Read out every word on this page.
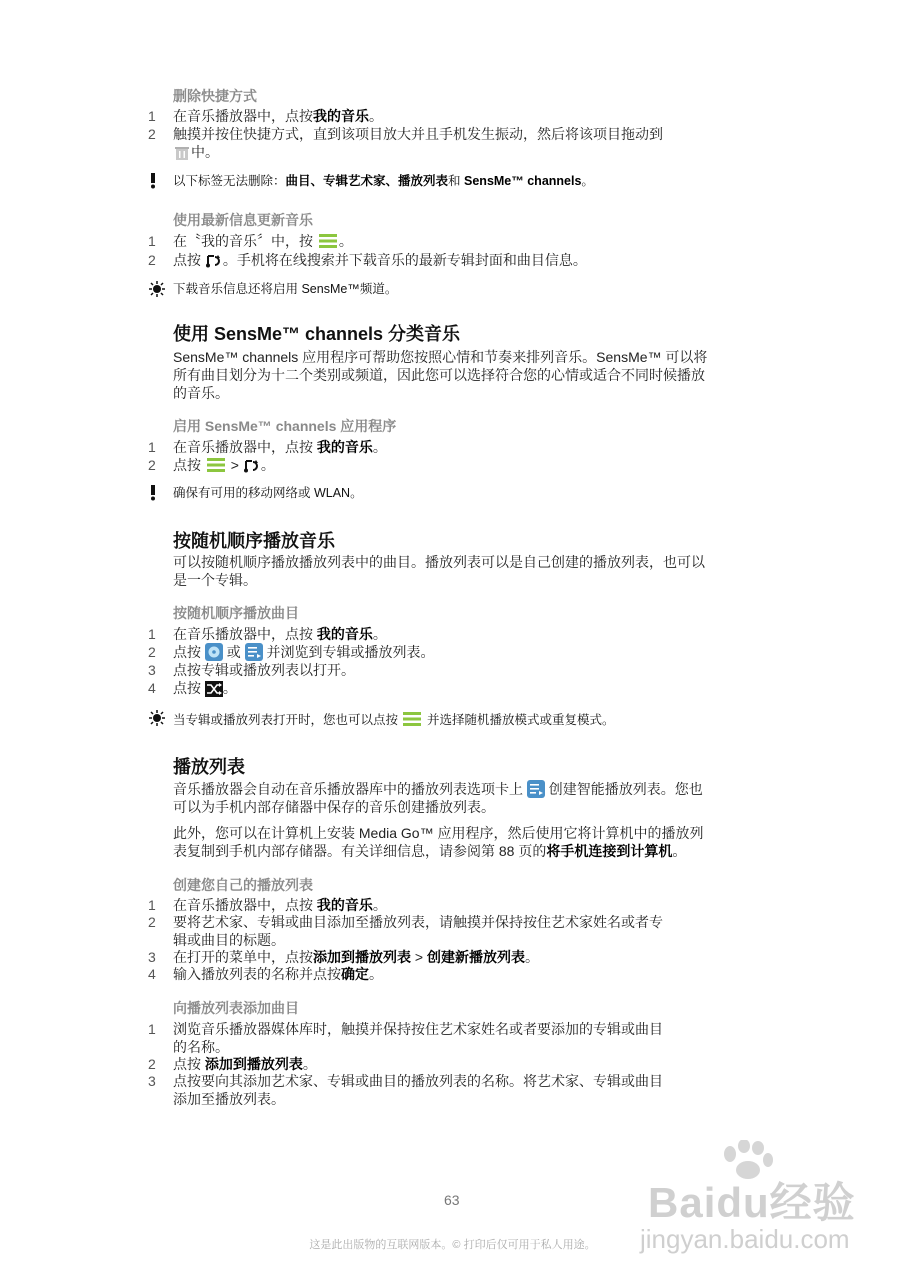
删除快捷方式
1	在音乐播放器中，点按我的音乐。
2	触摸并按住快捷方式，直到该项目放大并且手机发生振动，然后将该项目拖动到
中。
以下标签无法删除：曲目、专辑艺术家、播放列表和 SensMe™ channels。
使用最新信息更新音乐
1	在〝我的音乐〞中，按 。
2	点按 。手机将在线搜索并下载音乐的最新专辑封面和曲目信息。
下载音乐信息还将启用 SensMe™频道。
使用 SensMe™ channels 分类音乐
SensMe™ channels 应用程序可帮助您按照心情和节奏来排列音乐。SensMe™ 可以将
所有曲目划分为十二个类别或频道，因此您可以选择符合您的心情或适合不同时候播放
的音乐。
启用 SensMe™ channels 应用程序
1	在音乐播放器中，点按 我的音乐。
2	点按  > 。
确保有可用的移动网络或 WLAN。
按随机顺序播放音乐
可以按随机顺序播放播放列表中的曲目。播放列表可以是自己创建的播放列表，也可以
是一个专辑。
按随机顺序播放曲目
1	在音乐播放器中，点按 我的音乐。
2	点按  或  并浏览到专辑或播放列表。
3	点按专辑或播放列表以打开。
4	点按 。
当专辑或播放列表打开时，您也可以点按  并选择随机播放模式或重复模式。
播放列表
音乐播放器会自动在音乐播放器库中的播放列表选项卡上  创建智能播放列表。您也
可以为手机内部存储器中保存的音乐创建播放列表。
此外，您可以在计算机上安装 Media Go™ 应用程序，然后使用它将计算机中的播放列
表复制到手机内部存储器。有关详细信息，请参阅第 88 页的将手机连接到计算机。
创建您自己的播放列表
1	在音乐播放器中，点按 我的音乐。
2	要将艺术家、专辑或曲目添加至播放列表，请触摸并保持按住艺术家姓名或者专
辑或曲目的标题。
3	在打开的菜单中，点按添加到播放列表 > 创建新播放列表。
4	输入播放列表的名称并点按确定。
向播放列表添加曲目
1	浏览音乐播放器媒体库时，触摸并保持按住艺术家姓名或者要添加的专辑或曲目
的名称。
2	点按 添加到播放列表。
3	点按要向其添加艺术家、专辑或曲目的播放列表的名称。将艺术家、专辑或曲目
添加至播放列表。
Baidu经验
jingyan.baidu.com
63
这是此出版物的互联网版本。© 打印后仅可用于私人用途。
